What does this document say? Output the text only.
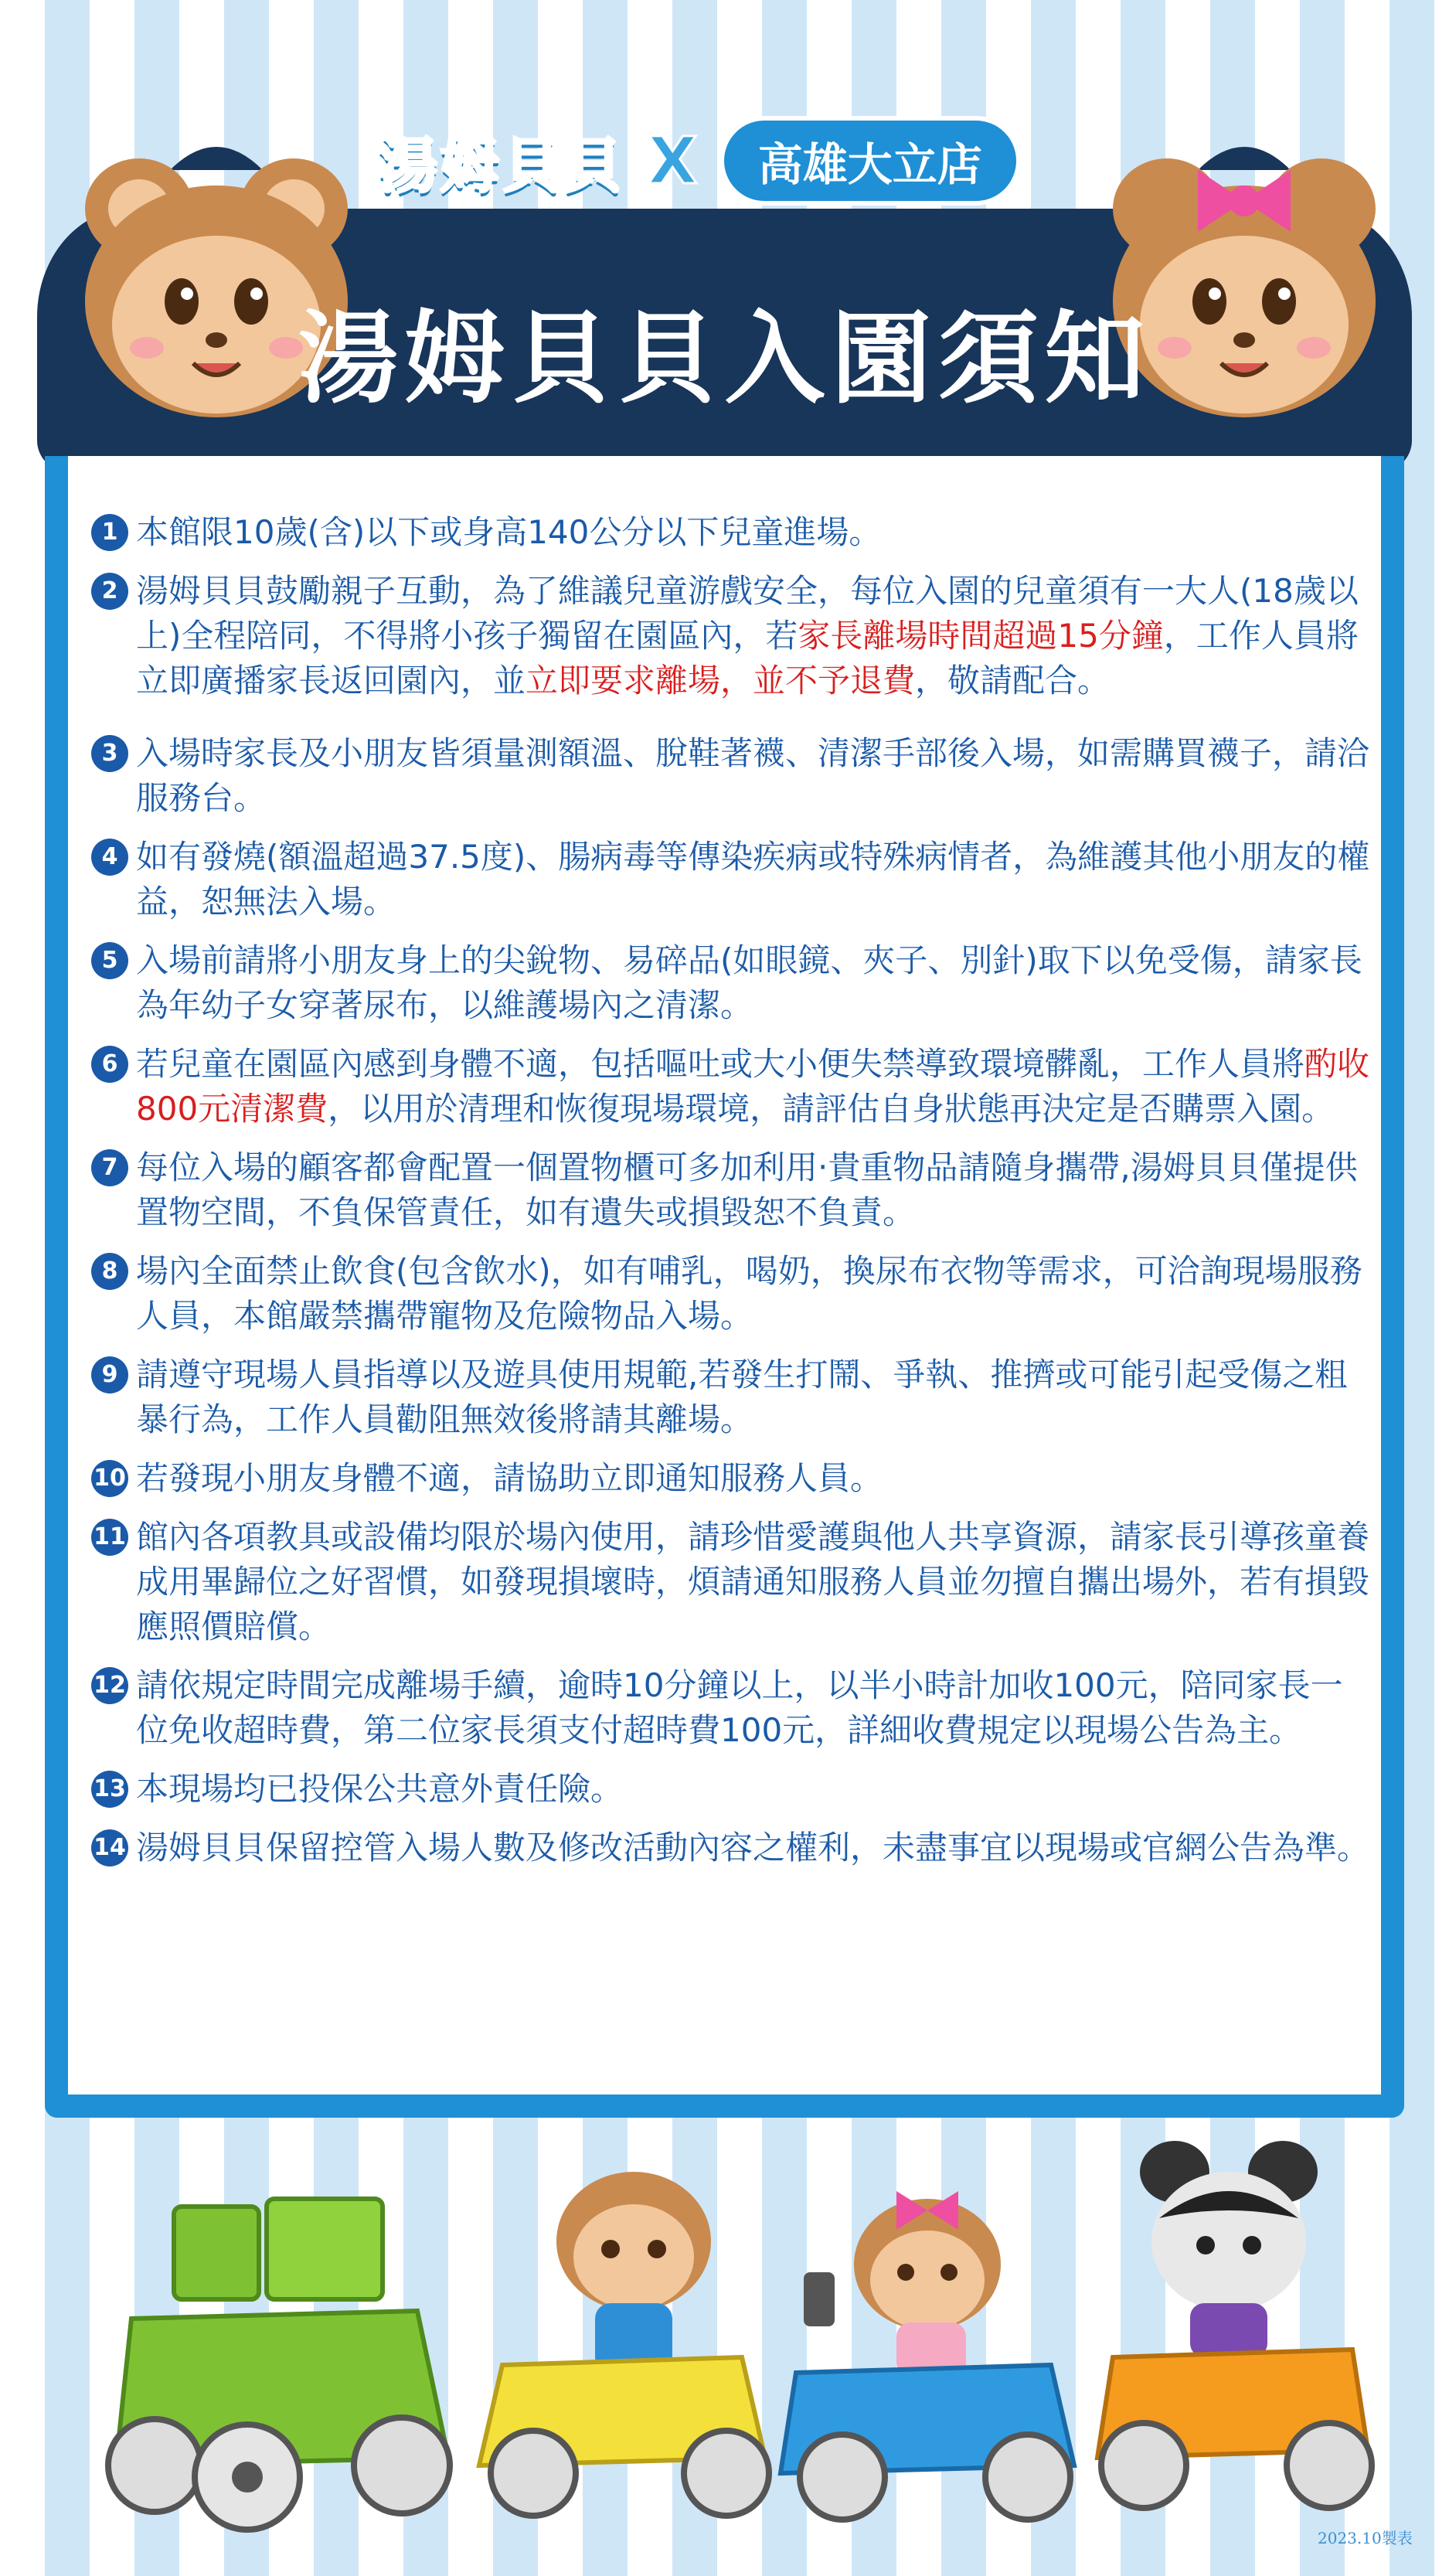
湯姆貝貝 X	高雄大立店
湯姆貝貝入園須知
1 本館限10歲(含)以下或身高140公分以下兒童進場。
2 湯姆貝貝鼓勵親子互動，為了維議兒童游戲安全，每位入園的兒童須有一大人(18歲以上)全程陪同，不得將小孩子獨留在園區內，若家長離場時間超過15分鐘，工作人員將立即廣播家長返回園內，並立即要求離場，並不予退費，敬請配合。
3 入場時家長及小朋友皆須量測額溫、脫鞋著襪、清潔手部後入場，如需購買襪子，請洽服務台。
4 如有發燒(額溫超過37.5度)、腸病毒等傳染疾病或特殊病情者，為維護其他小朋友的權益，恕無法入場。
5 入場前請將小朋友身上的尖銳物、易碎品(如眼鏡、夾子、別針)取下以免受傷，請家長為年幼子女穿著尿布，以維護場內之清潔。
6 若兒童在園區內感到身體不適，包括嘔吐或大小便失禁導致環境髒亂，工作人員將酌收800元清潔費，以用於清理和恢復現場環境，請評估自身狀態再決定是否購票入園。
7 每位入場的顧客都會配置一個置物櫃可多加利用‧貴重物品請隨身攜帶,湯姆貝貝僅提供置物空間，不負保管責任，如有遺失或損毀恕不負責。
8 場內全面禁止飲食(包含飲水)，如有哺乳，喝奶，換尿布衣物等需求，可洽詢現場服務人員，本館嚴禁攜帶寵物及危險物品入場。
9 請遵守現場人員指導以及遊具使用規範,若發生打鬧、爭執、推擠或可能引起受傷之粗暴行為，工作人員勸阻無效後將請其離場。
10 若發現小朋友身體不適，請協助立即通知服務人員。
11 館內各項教具或設備均限於場內使用，請珍惜愛護與他人共享資源，請家長引導孩童養成用畢歸位之好習慣，如發現損壞時，煩請通知服務人員並勿擅自攜出場外，若有損毀應照價賠償。
12 請依規定時間完成離場手續，逾時10分鐘以上，以半小時計加收100元，陪同家長一位免收超時費，第二位家長須支付超時費100元，詳細收費規定以現場公告為主。
13 本現場均已投保公共意外責任險。
14 湯姆貝貝保留控管入場人數及修改活動內容之權利，未盡事宜以現場或官網公告為準。
2023.10製表
